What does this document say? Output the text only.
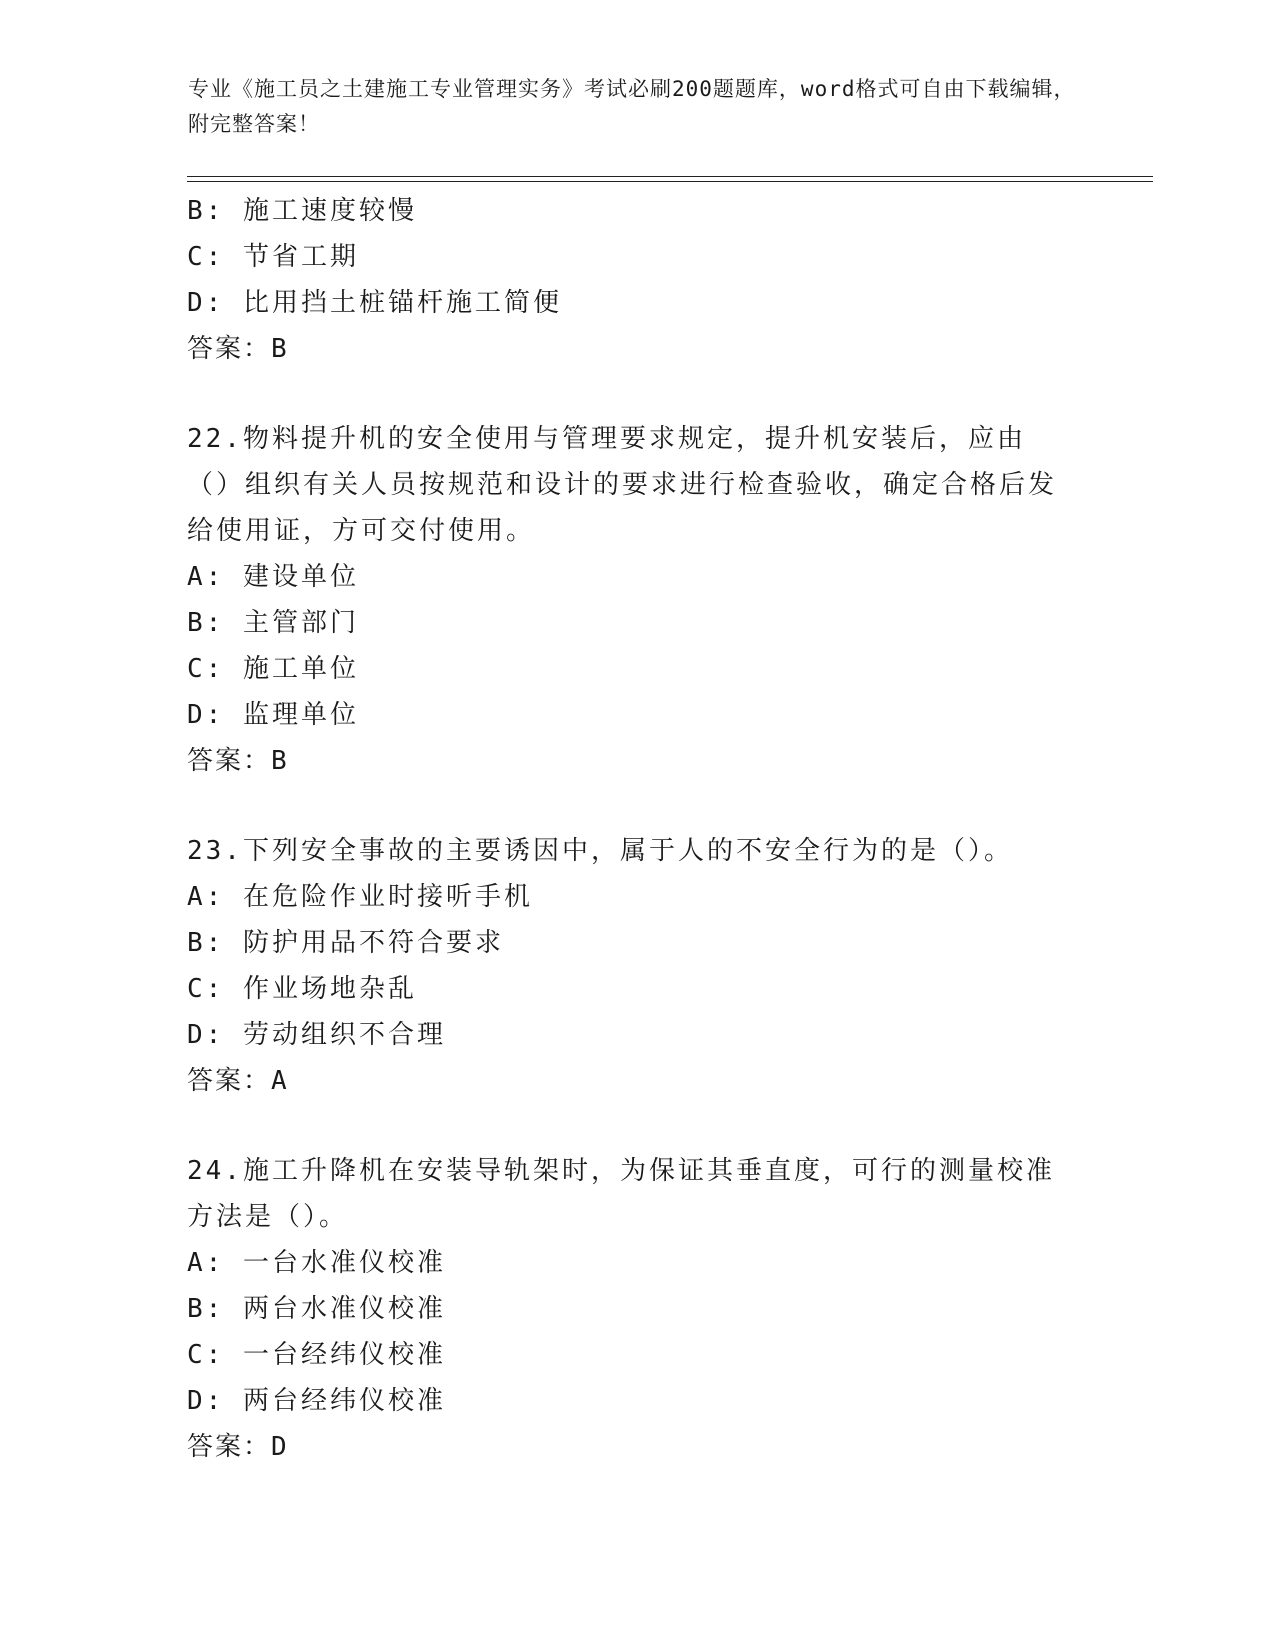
专业《施工员之土建施工专业管理实务》考试必刷200题题库，word格式可自由下载编辑，附完整答案！
B: 施工速度较慢
C: 节省工期
D: 比用挡土桩锚杆施工简便
答案：B
22.物料提升机的安全使用与管理要求规定，提升机安装后，应由（）组织有关人员按规范和设计的要求进行检查验收，确定合格后发给使用证，方可交付使用。
A: 建设单位
B: 主管部门
C: 施工单位
D: 监理单位
答案：B
23.下列安全事故的主要诱因中，属于人的不安全行为的是（）。
A: 在危险作业时接听手机
B: 防护用品不符合要求
C: 作业场地杂乱
D: 劳动组织不合理
答案：A
24.施工升降机在安装导轨架时，为保证其垂直度，可行的测量校准方法是（）。
A: 一台水准仪校准
B: 两台水准仪校准
C: 一台经纬仪校准
D: 两台经纬仪校准
答案：D
